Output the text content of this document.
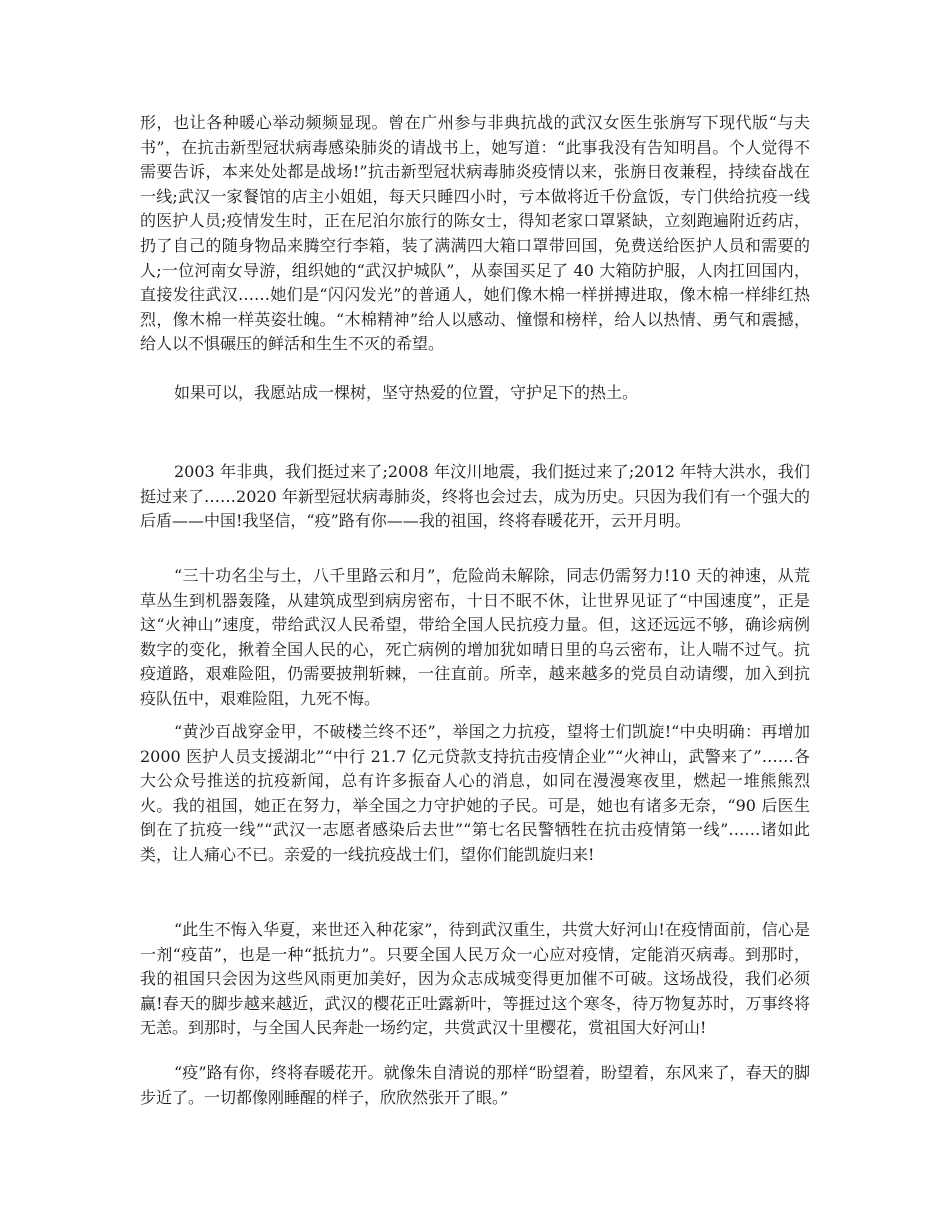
形，也让各种暖心举动频频显现。曾在广州参与非典抗战的武汉女医生张旃写下现代版“与夫书”，在抗击新型冠状病毒感染肺炎的请战书上，她写道：“此事我没有告知明昌。个人觉得不需要告诉，本来处处都是战场!”抗击新型冠状病毒肺炎疫情以来，张旃日夜兼程，持续奋战在一线;武汉一家餐馆的店主小姐姐，每天只睡四小时，亏本做将近千份盒饭，专门供给抗疫一线的医护人员;疫情发生时，正在尼泊尔旅行的陈女士，得知老家口罩紧缺，立刻跑遍附近药店，扔了自己的随身物品来腾空行李箱，装了满满四大箱口罩带回国，免费送给医护人员和需要的人;一位河南女导游，组织她的“武汉护城队”，从泰国买足了 40 大箱防护服，人肉扛回国内，直接发往武汉……她们是“闪闪发光”的普通人，她们像木棉一样拼搏进取，像木棉一样绯红热烈，像木棉一样英姿壮魄。“木棉精神”给人以感动、憧憬和榜样，给人以热情、勇气和震撼，给人以不惧碾压的鲜活和生生不灭的希望。

如果可以，我愿站成一棵树，坚守热爱的位置，守护足下的热土。

2003 年非典，我们挺过来了;2008 年汶川地震，我们挺过来了;2012 年特大洪水，我们挺过来了……2020 年新型冠状病毒肺炎，终将也会过去，成为历史。只因为我们有一个强大的后盾——中国!我坚信，“疫”路有你——我的祖国，终将春暖花开，云开月明。

“三十功名尘与土，八千里路云和月”，危险尚未解除，同志仍需努力!10 天的神速，从荒草丛生到机器轰隆，从建筑成型到病房密布，十日不眠不休，让世界见证了“中国速度”，正是这“火神山”速度，带给武汉人民希望，带给全国人民抗疫力量。但，这还远远不够，确诊病例数字的变化，揪着全国人民的心，死亡病例的增加犹如晴日里的乌云密布，让人喘不过气。抗疫道路，艰难险阻，仍需要披荆斩棘，一往直前。所幸，越来越多的党员自动请缨，加入到抗疫队伍中，艰难险阻，九死不悔。

“黄沙百战穿金甲，不破楼兰终不还”，举国之力抗疫，望将士们凯旋!“中央明确：再增加 2000 医护人员支援湖北”“中行 21.7 亿元贷款支持抗击疫情企业”“火神山，武警来了”……各大公众号推送的抗疫新闻，总有许多振奋人心的消息，如同在漫漫寒夜里，燃起一堆熊熊烈火。我的祖国，她正在努力，举全国之力守护她的子民。可是，她也有诸多无奈，“90 后医生倒在了抗疫一线”“武汉一志愿者感染后去世”“第七名民警牺牲在抗击疫情第一线”……诸如此类，让人痛心不已。亲爱的一线抗疫战士们，望你们能凯旋归来!

“此生不悔入华夏，来世还入种花家”，待到武汉重生，共赏大好河山!在疫情面前，信心是一剂“疫苗”，也是一种“抵抗力”。只要全国人民万众一心应对疫情，定能消灭病毒。到那时，我的祖国只会因为这些风雨更加美好，因为众志成城变得更加催不可破。这场战役，我们必须赢!春天的脚步越来越近，武汉的樱花正吐露新叶，等捱过这个寒冬，待万物复苏时，万事终将无恙。到那时，与全国人民奔赴一场约定，共赏武汉十里樱花，赏祖国大好河山!

“疫”路有你，终将春暖花开。就像朱自清说的那样“盼望着，盼望着，东风来了，春天的脚步近了。一切都像刚睡醒的样子，欣欣然张开了眼。”
